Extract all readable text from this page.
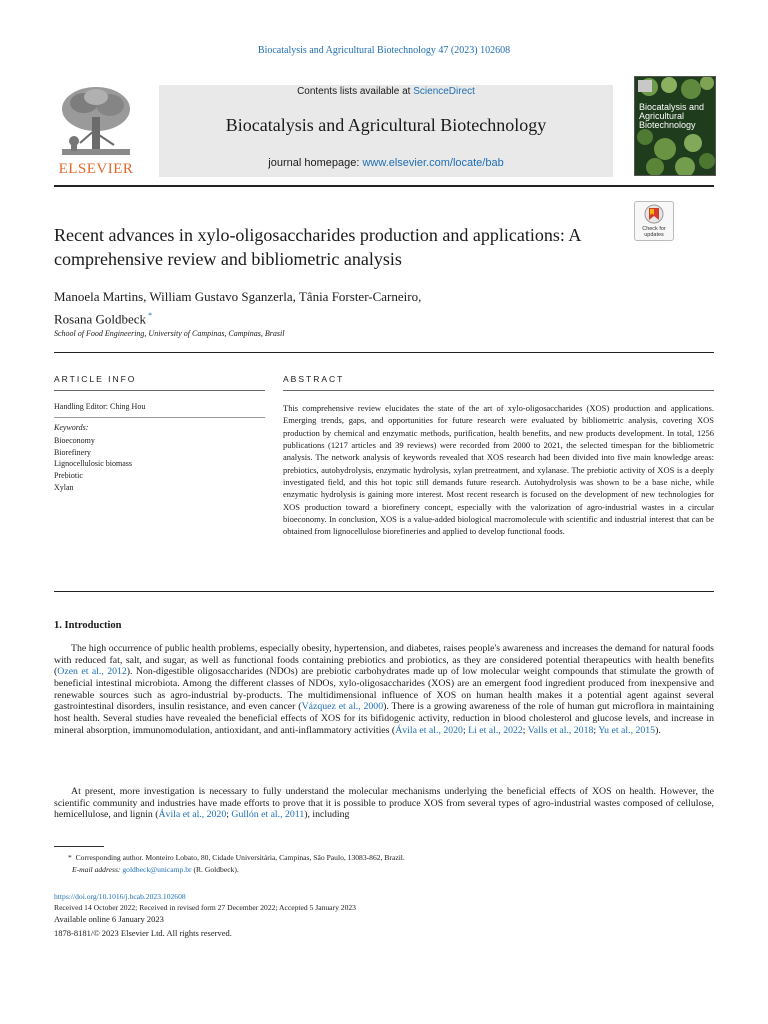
Biocatalysis and Agricultural Biotechnology 47 (2023) 102608
ELSEVIER
Contents lists available at ScienceDirect
Biocatalysis and Agricultural Biotechnology
journal homepage: www.elsevier.com/locate/bab
Biocatalysis and Agricultural Biotechnology
Check for updates
Recent advances in xylo-oligosaccharides production and applications: A comprehensive review and bibliometric analysis
Manoela Martins, William Gustavo Sganzerla, Tânia Forster-Carneiro,
Rosana Goldbeck *
School of Food Engineering, University of Campinas, Campinas, Brasil
ARTICLE INFO
Handling Editor: Ching Hou
Keywords:
Bioeconomy
Biorefinery
Lignocellulosic biomass
Prebiotic
Xylan
ABSTRACT
This comprehensive review elucidates the state of the art of xylo-oligosaccharides (XOS) production and applications. Emerging trends, gaps, and opportunities for future research were evaluated by bibliometric analysis, covering XOS production by chemical and enzymatic methods, purification, health benefits, and new products development. In total, 1256 publications (1217 articles and 39 reviews) were recorded from 2000 to 2021, the selected timespan for the bibliometric analysis. The network analysis of keywords revealed that XOS research had been divided into five main knowledge areas: prebiotics, autohydrolysis, enzymatic hydrolysis, xylan pretreatment, and xylanase. The prebiotic activity of XOS is a deeply investigated field, and this hot topic still demands future research. Autohydrolysis was shown to be a base niche, while enzymatic hydrolysis is gaining more interest. Most recent research is focused on the development of new technologies for XOS production toward a biorefinery concept, especially with the valorization of agro-industrial wastes in a circular bioeconomy. In conclusion, XOS is a value-added biological macromolecule with scientific and industrial interest that can be obtained from lignocellulose biorefineries and applied to develop functional foods.
1. Introduction
The high occurrence of public health problems, especially obesity, hypertension, and diabetes, raises people's awareness and increases the demand for natural foods with reduced fat, salt, and sugar, as well as functional foods containing prebiotics and probiotics, as they are considered potential therapeutics with health benefits (Ozen et al., 2012). Non-digestible oligosaccharides (NDOs) are prebiotic carbohydrates made up of low molecular weight compounds that stimulate the growth of beneficial intestinal microbiota. Among the different classes of NDOs, xylo-oligosaccharides (XOS) are an emergent food ingredient produced from inexpensive and renewable sources such as agro-industrial by-products. The multidimensional influence of XOS on human health makes it a potential agent against several gastrointestinal disorders, insulin resistance, and even cancer (Vázquez et al., 2000). There is a growing awareness of the role of human gut microflora in maintaining host health. Several studies have revealed the beneficial effects of XOS for its bifidogenic activity, reduction in blood cholesterol and glucose levels, and increase in mineral absorption, immunomodulation, antioxidant, and anti-inflammatory activities (Ávila et al., 2020; Li et al., 2022; Valls et al., 2018; Yu et al., 2015).
At present, more investigation is necessary to fully understand the molecular mechanisms underlying the beneficial effects of XOS on health. However, the scientific community and industries have made efforts to prove that it is possible to produce XOS from several types of agro-industrial wastes composed of cellulose, hemicellulose, and lignin (Ávila et al., 2020; Gullón et al., 2011), including
* Corresponding author. Monteiro Lobato, 80, Cidade Universitária, Campinas, São Paulo, 13083-862, Brazil.
E-mail address: goldbeck@unicamp.br (R. Goldbeck).
https://doi.org/10.1016/j.bcab.2023.102608
Received 14 October 2022; Received in revised form 27 December 2022; Accepted 5 January 2023
Available online 6 January 2023
1878-8181/© 2023 Elsevier Ltd. All rights reserved.
